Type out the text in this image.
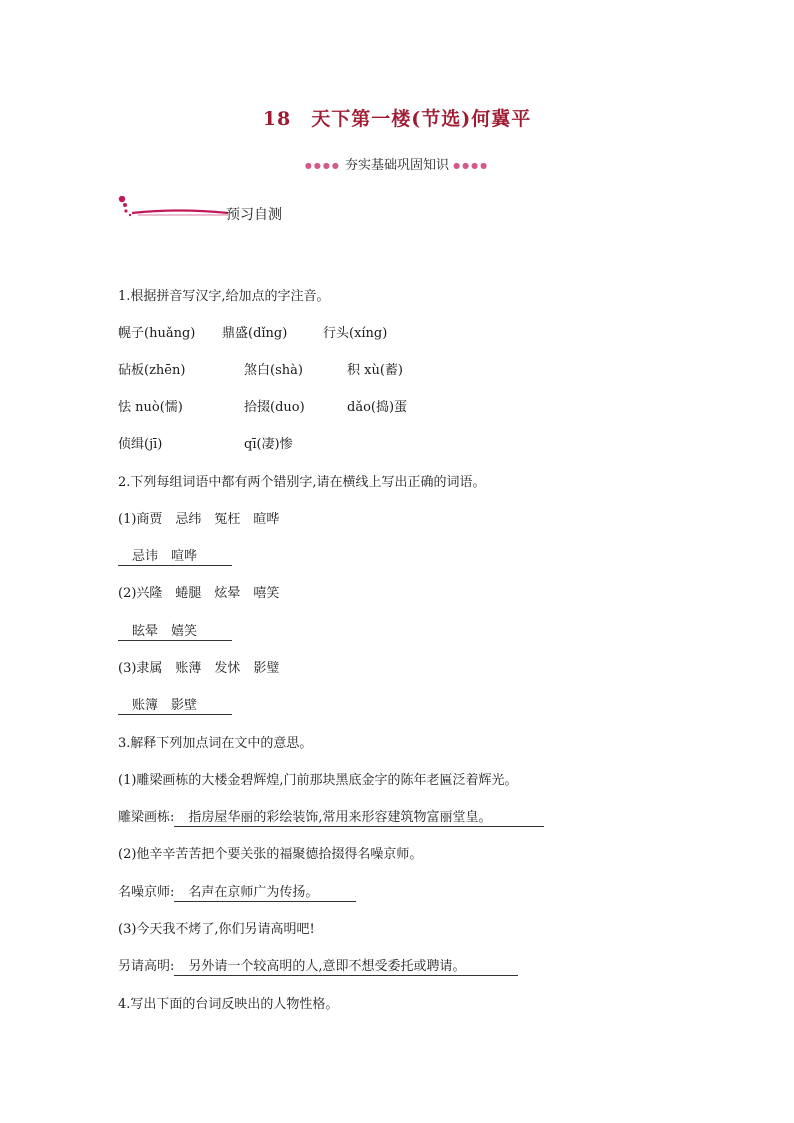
18　天下第一楼(节选)何冀平
●●●● 夯实基础巩固知识 ●●●●
预习自测
1.根据拼音写汉字,给加点的字注音。
幌子(huǎng) 鼎盛(dǐng)	行头(xíng)
砧板(zhēn)	煞白(shà)	积 xù(蓄)
怯 nuò(懦)	拾掇(duo)	dǎo(捣)蛋
侦缉(jī)	qī(凄)惨
2.下列每组词语中都有两个错别字,请在横线上写出正确的词语。
(1)商贾　忌纬　冤枉　暄哗
忌讳　喧哗
(2)兴隆　蜷腿　炫晕　嘻笑
眩晕　嬉笑
(3)隶属　账薄　发怵　影璧
账簿　影壁
3.解释下列加点词在文中的意思。
(1)雕梁画栋的大楼金碧辉煌,门前那块黑底金字的陈年老匾泛着辉光。
雕梁画栋: 指房屋华丽的彩绘装饰,常用来形容建筑物富丽堂皇。
(2)他辛辛苦苦把个要关张的福聚德拾掇得名噪京师。
名噪京师: 名声在京师广为传扬。
(3)今天我不烤了,你们另请高明吧!
另请高明: 另外请一个较高明的人,意即不想受委托或聘请。
4.写出下面的台词反映出的人物性格。
